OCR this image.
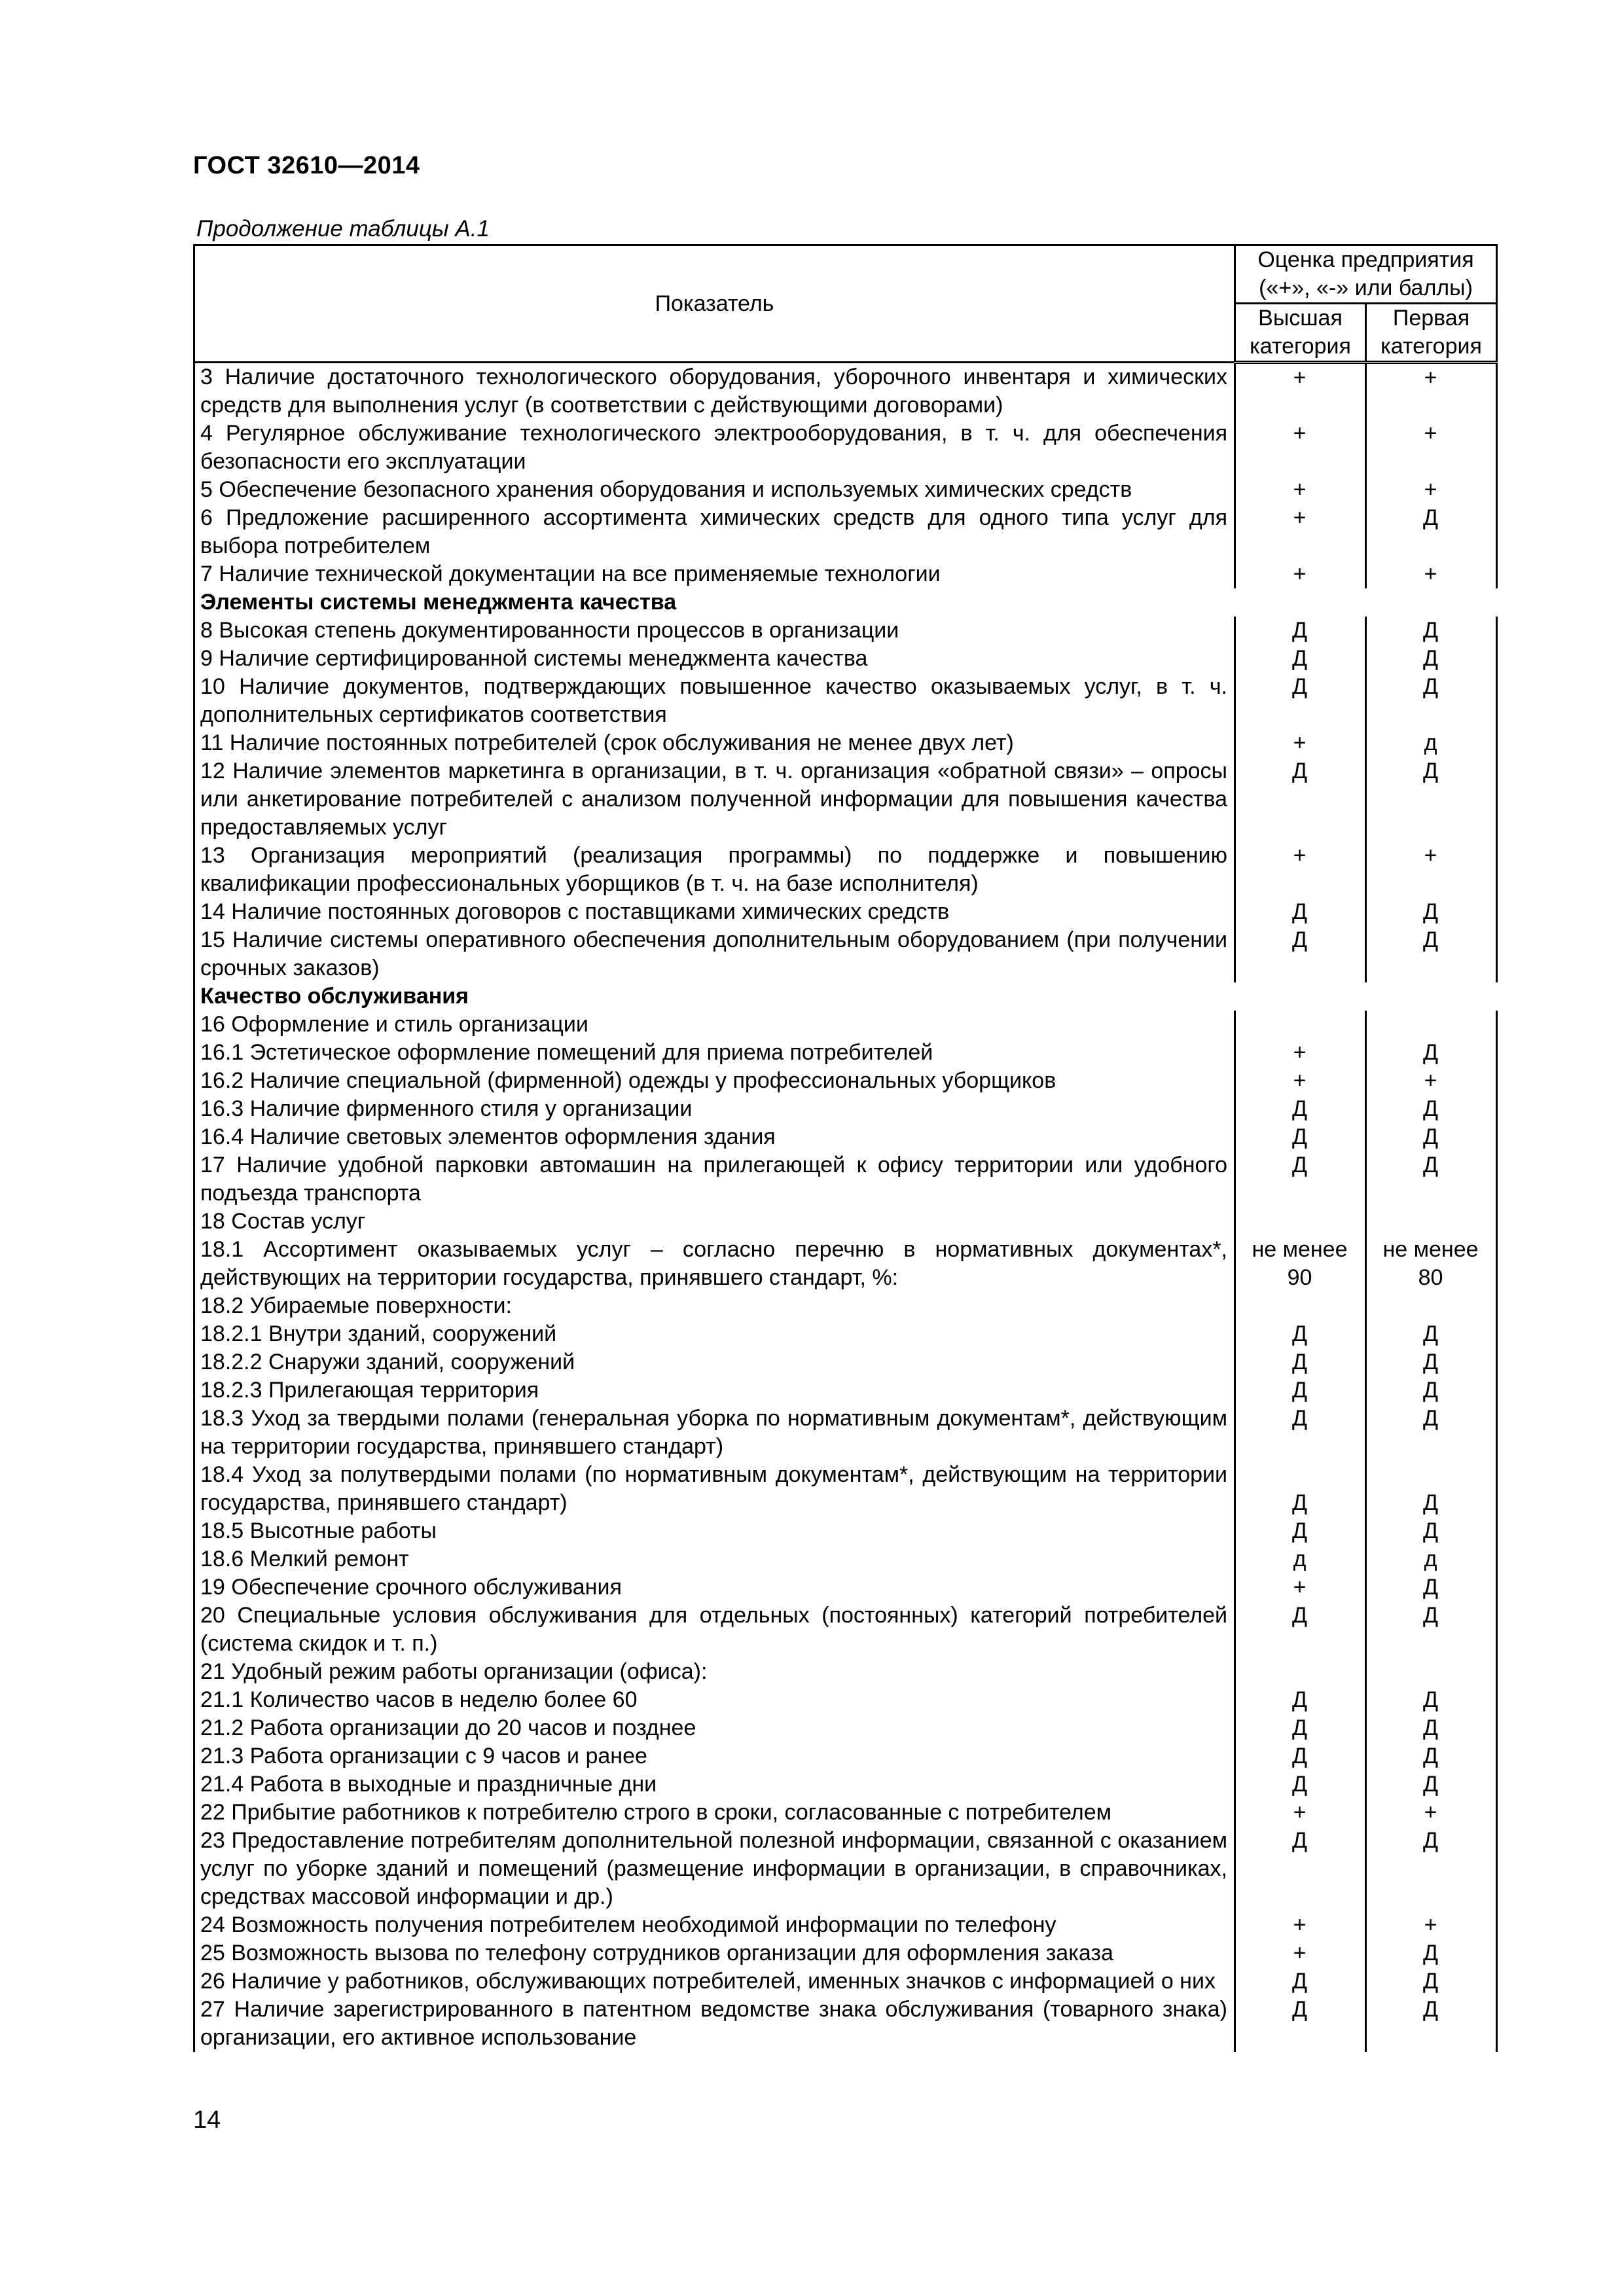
ГОСТ 32610—2014
Продолжение таблицы А.1
Показатель	Оценка предприятия («+», «-» или баллы)	
	Высшая категория	Первая категория
3 Наличие достаточного технологического оборудования, уборочного инвентаря и химических средств для выполнения услуг (в соответствии с действующими договорами)	+	+
4 Регулярное обслуживание технологического электрооборудования, в т. ч. для обеспечения безопасности его эксплуатации	+	+
5 Обеспечение безопасного хранения оборудования и используемых химических средств	+	+
6 Предложение расширенного ассортимента химических средств для одного типа услуг для выбора потребителем	+	Д
7 Наличие технической документации на все применяемые технологии	+	+
Элементы системы менеджмента качества		
8 Высокая степень документированности процессов в организации	Д	Д
9 Наличие сертифицированной системы менеджмента качества	Д	Д
10 Наличие документов, подтверждающих повышенное качество оказываемых услуг, в т. ч. дополнительных сертификатов соответствия	Д	Д
11 Наличие постоянных потребителей (срок обслуживания не менее двух лет)	+	д
12 Наличие элементов маркетинга в организации, в т. ч. организация «обратной связи» – опросы или анкетирование потребителей с анализом полученной информации для повышения качества предоставляемых услуг	Д	Д
13 Организация мероприятий (реализация программы) по поддержке и повышению квалификации профессиональных уборщиков (в т. ч. на базе исполнителя)	+	+
14 Наличие постоянных договоров с поставщиками химических средств	Д	Д
15 Наличие системы оперативного обеспечения дополнительным оборудованием (при получении срочных заказов)	Д	Д
Качество обслуживания		
16 Оформление и стиль организации		
16.1 Эстетическое оформление помещений для приема потребителей	+	Д
16.2 Наличие специальной (фирменной) одежды у профессиональных уборщиков	+	+
16.3 Наличие фирменного стиля у организации	Д	Д
16.4 Наличие световых элементов оформления здания	Д	Д
17 Наличие удобной парковки автомашин на прилегающей к офису территории или удобного подъезда транспорта	Д	Д
18 Состав услуг		
18.1 Ассортимент оказываемых услуг – согласно перечню в нормативных документах*, действующих на территории государства, принявшего стандарт, %:	не менее 90	не менее 80
18.2 Убираемые поверхности:		
18.2.1 Внутри зданий, сооружений	Д	Д
18.2.2 Снаружи зданий, сооружений	Д	Д
18.2.3 Прилегающая территория	Д	Д
18.3 Уход за твердыми полами (генеральная уборка по нормативным документам*, действующим на территории государства, принявшего стандарт)	Д	Д
18.4 Уход за полутвердыми полами (по нормативным документам*, действующим на территории государства, принявшего стандарт)	Д	Д
18.5 Высотные работы	Д	Д
18.6 Мелкий ремонт	д	д
19 Обеспечение срочного обслуживания	+	Д
20 Специальные условия обслуживания для отдельных (постоянных) категорий потребителей (система скидок и т. п.)	Д	Д
21 Удобный режим работы организации (офиса):		
21.1 Количество часов в неделю более 60	Д	Д
21.2 Работа организации до 20 часов и позднее	Д	Д
21.3 Работа организации с 9 часов и ранее	Д	Д
21.4 Работа в выходные и праздничные дни	Д	Д
22 Прибытие работников к потребителю строго в сроки, согласованные с потребителем	+	+
23 Предоставление потребителям дополнительной полезной информации, связанной с оказанием услуг по уборке зданий и помещений (размещение информации в организации, в справочниках, средствах массовой информации и др.)	Д	Д
24 Возможность получения потребителем необходимой информации по телефону	+	+
25 Возможность вызова по телефону сотрудников организации для оформления заказа	+	Д
26 Наличие у работников, обслуживающих потребителей, именных значков с информацией о них	Д	Д
27 Наличие зарегистрированного в патентном ведомстве знака обслуживания (товарного знака) организации, его активное использование	Д	Д
14
